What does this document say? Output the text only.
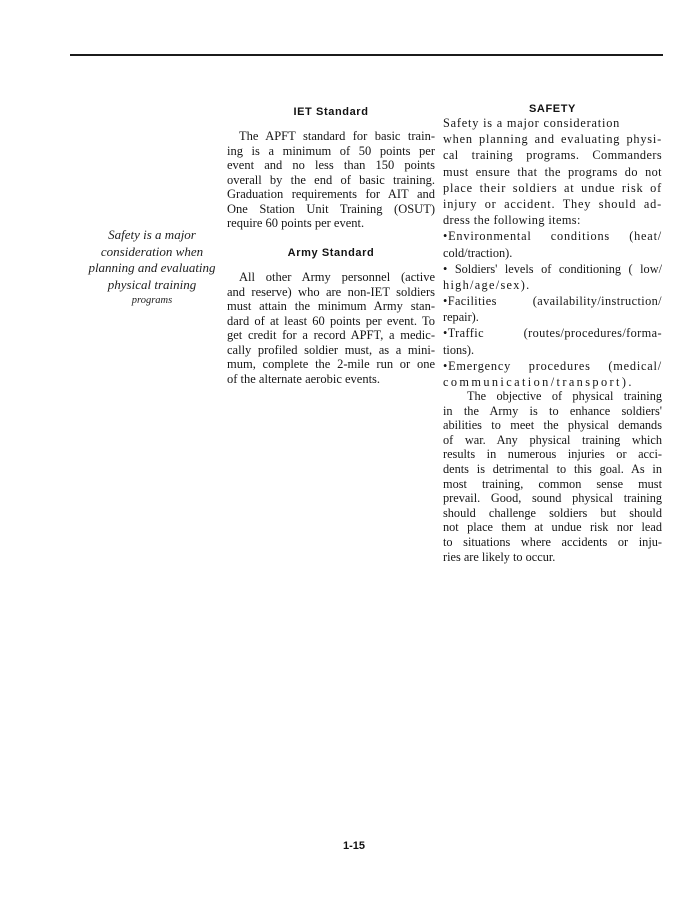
Safety is a major
consideration when
planning and evaluating
physical training
programs
IET Standard
The APFT standard for basic train-
ing is a minimum of 50 points per
event and no less than 150 points
overall by the end of basic training.
Graduation requirements for AIT and
One Station Unit Training (OSUT)
require 60 points per event.
Army Standard
All other Army personnel (active
and reserve) who are non-IET soldiers
must attain the minimum Army stan-
dard of at least 60 points per event. To
get credit for a record APFT, a medic-
cally profiled soldier must, as a mini-
mum, complete the 2-mile run or one
of the alternate aerobic events.
SAFETY
Safety is a major consideration
when planning and evaluating physi-
cal training programs. Commanders
must ensure that the programs do not
place their soldiers at undue risk of
injury or accident. They should ad-
dress the following items:
•Environmental conditions (heat/
cold/traction).
• Soldiers' levels of conditioning ( low/
high/age/sex).
•Facilities (availability/instruction/
repair).
•Traffic (routes/procedures/forma-
tions).
•Emergency procedures (medical/
communication/transport).
The objective of physical training
in the Army is to enhance soldiers'
abilities to meet the physical demands
of war. Any physical training which
results in numerous injuries or acci-
dents is detrimental to this goal. As in
most training, common sense must
prevail. Good, sound physical training
should challenge soldiers but should
not place them at undue risk nor lead
to situations where accidents or inju-
ries are likely to occur.
1-15
